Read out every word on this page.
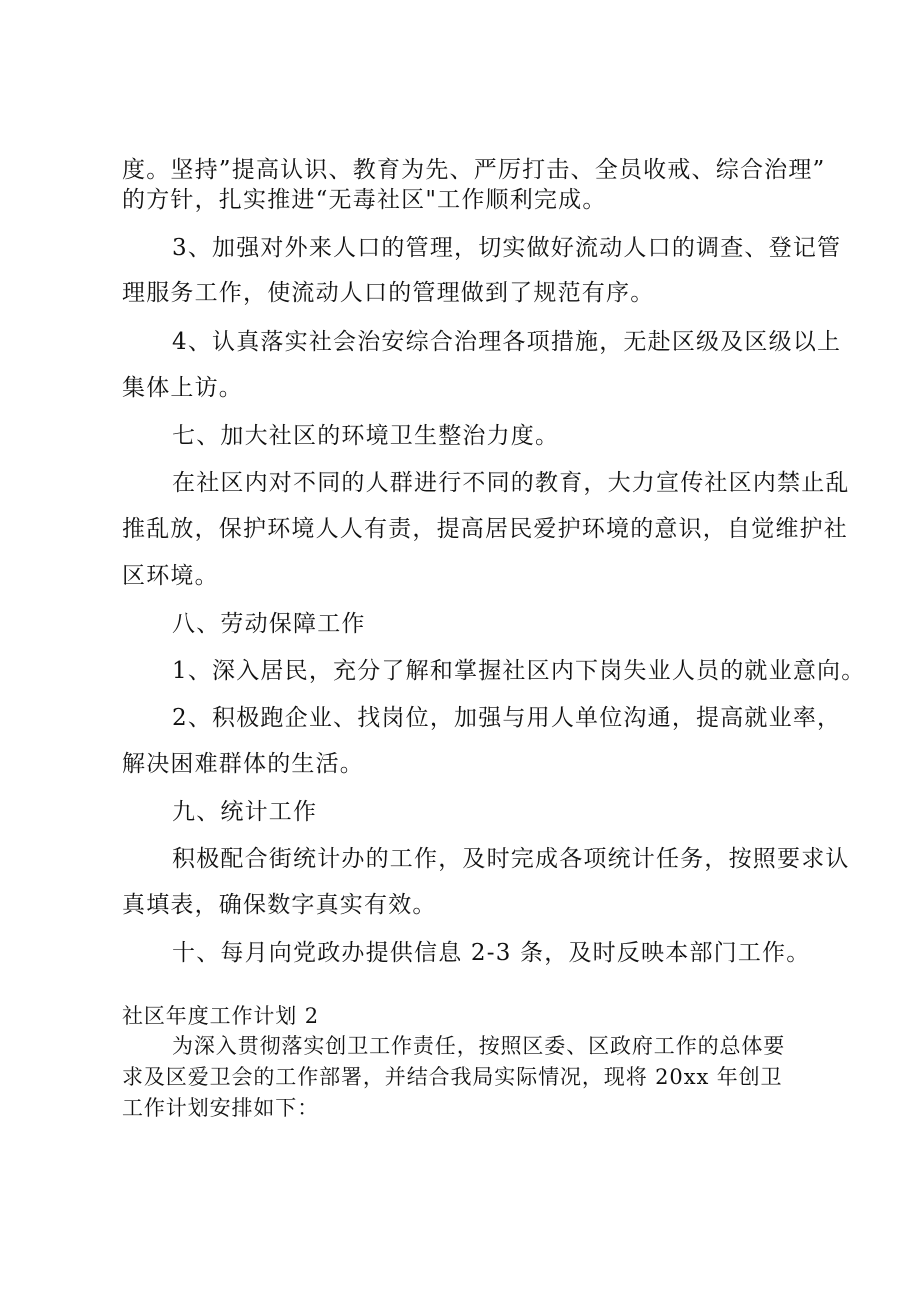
度。坚持”提高认识、教育为先、严厉打击、全员收戒、综合治理”
的方针，扎实推进“无毒社区"工作顺利完成。
3、加强对外来人口的管理，切实做好流动人口的调查、登记管
理服务工作，使流动人口的管理做到了规范有序。
4、认真落实社会治安综合治理各项措施，无赴区级及区级以上
集体上访。
七、加大社区的环境卫生整治力度。
在社区内对不同的人群进行不同的教育，大力宣传社区内禁止乱
推乱放，保护环境人人有责，提高居民爱护环境的意识，自觉维护社
区环境。
八、劳动保障工作
1、深入居民，充分了解和掌握社区内下岗失业人员的就业意向。
2、积极跑企业、找岗位，加强与用人单位沟通，提高就业率，
解决困难群体的生活。
九、统计工作
积极配合街统计办的工作，及时完成各项统计任务，按照要求认
真填表，确保数字真实有效。
十、每月向党政办提供信息 2-3 条，及时反映本部门工作。
社区年度工作计划 2
为深入贯彻落实创卫工作责任，按照区委、区政府工作的总体要
求及区爱卫会的工作部署，并结合我局实际情况，现将 20xx 年创卫
工作计划安排如下：
